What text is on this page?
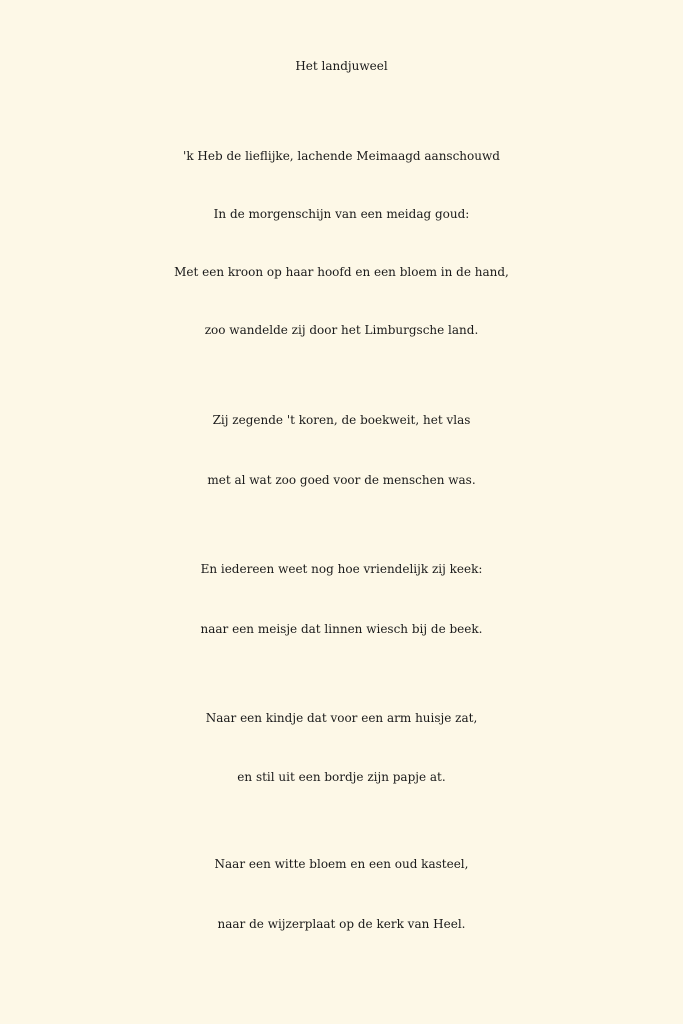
Het landjuweel
'k Heb de lieflijke, lachende Meimaagd aanschouwd
In de morgenschijn van een meidag goud:
Met een kroon op haar hoofd en een bloem in de hand,
zoo wandelde zij door het Limburgsche land.
Zij zegende 't koren, de boekweit, het vlas
met al wat zoo goed voor de menschen was.
En iedereen weet nog hoe vriendelijk zij keek:
naar een meisje dat linnen wiesch bij de beek.
Naar een kindje dat voor een arm huisje zat,
en stil uit een bordje zijn papje at.
Naar een witte bloem en een oud kasteel,
naar de wijzerplaat op de kerk van Heel.
